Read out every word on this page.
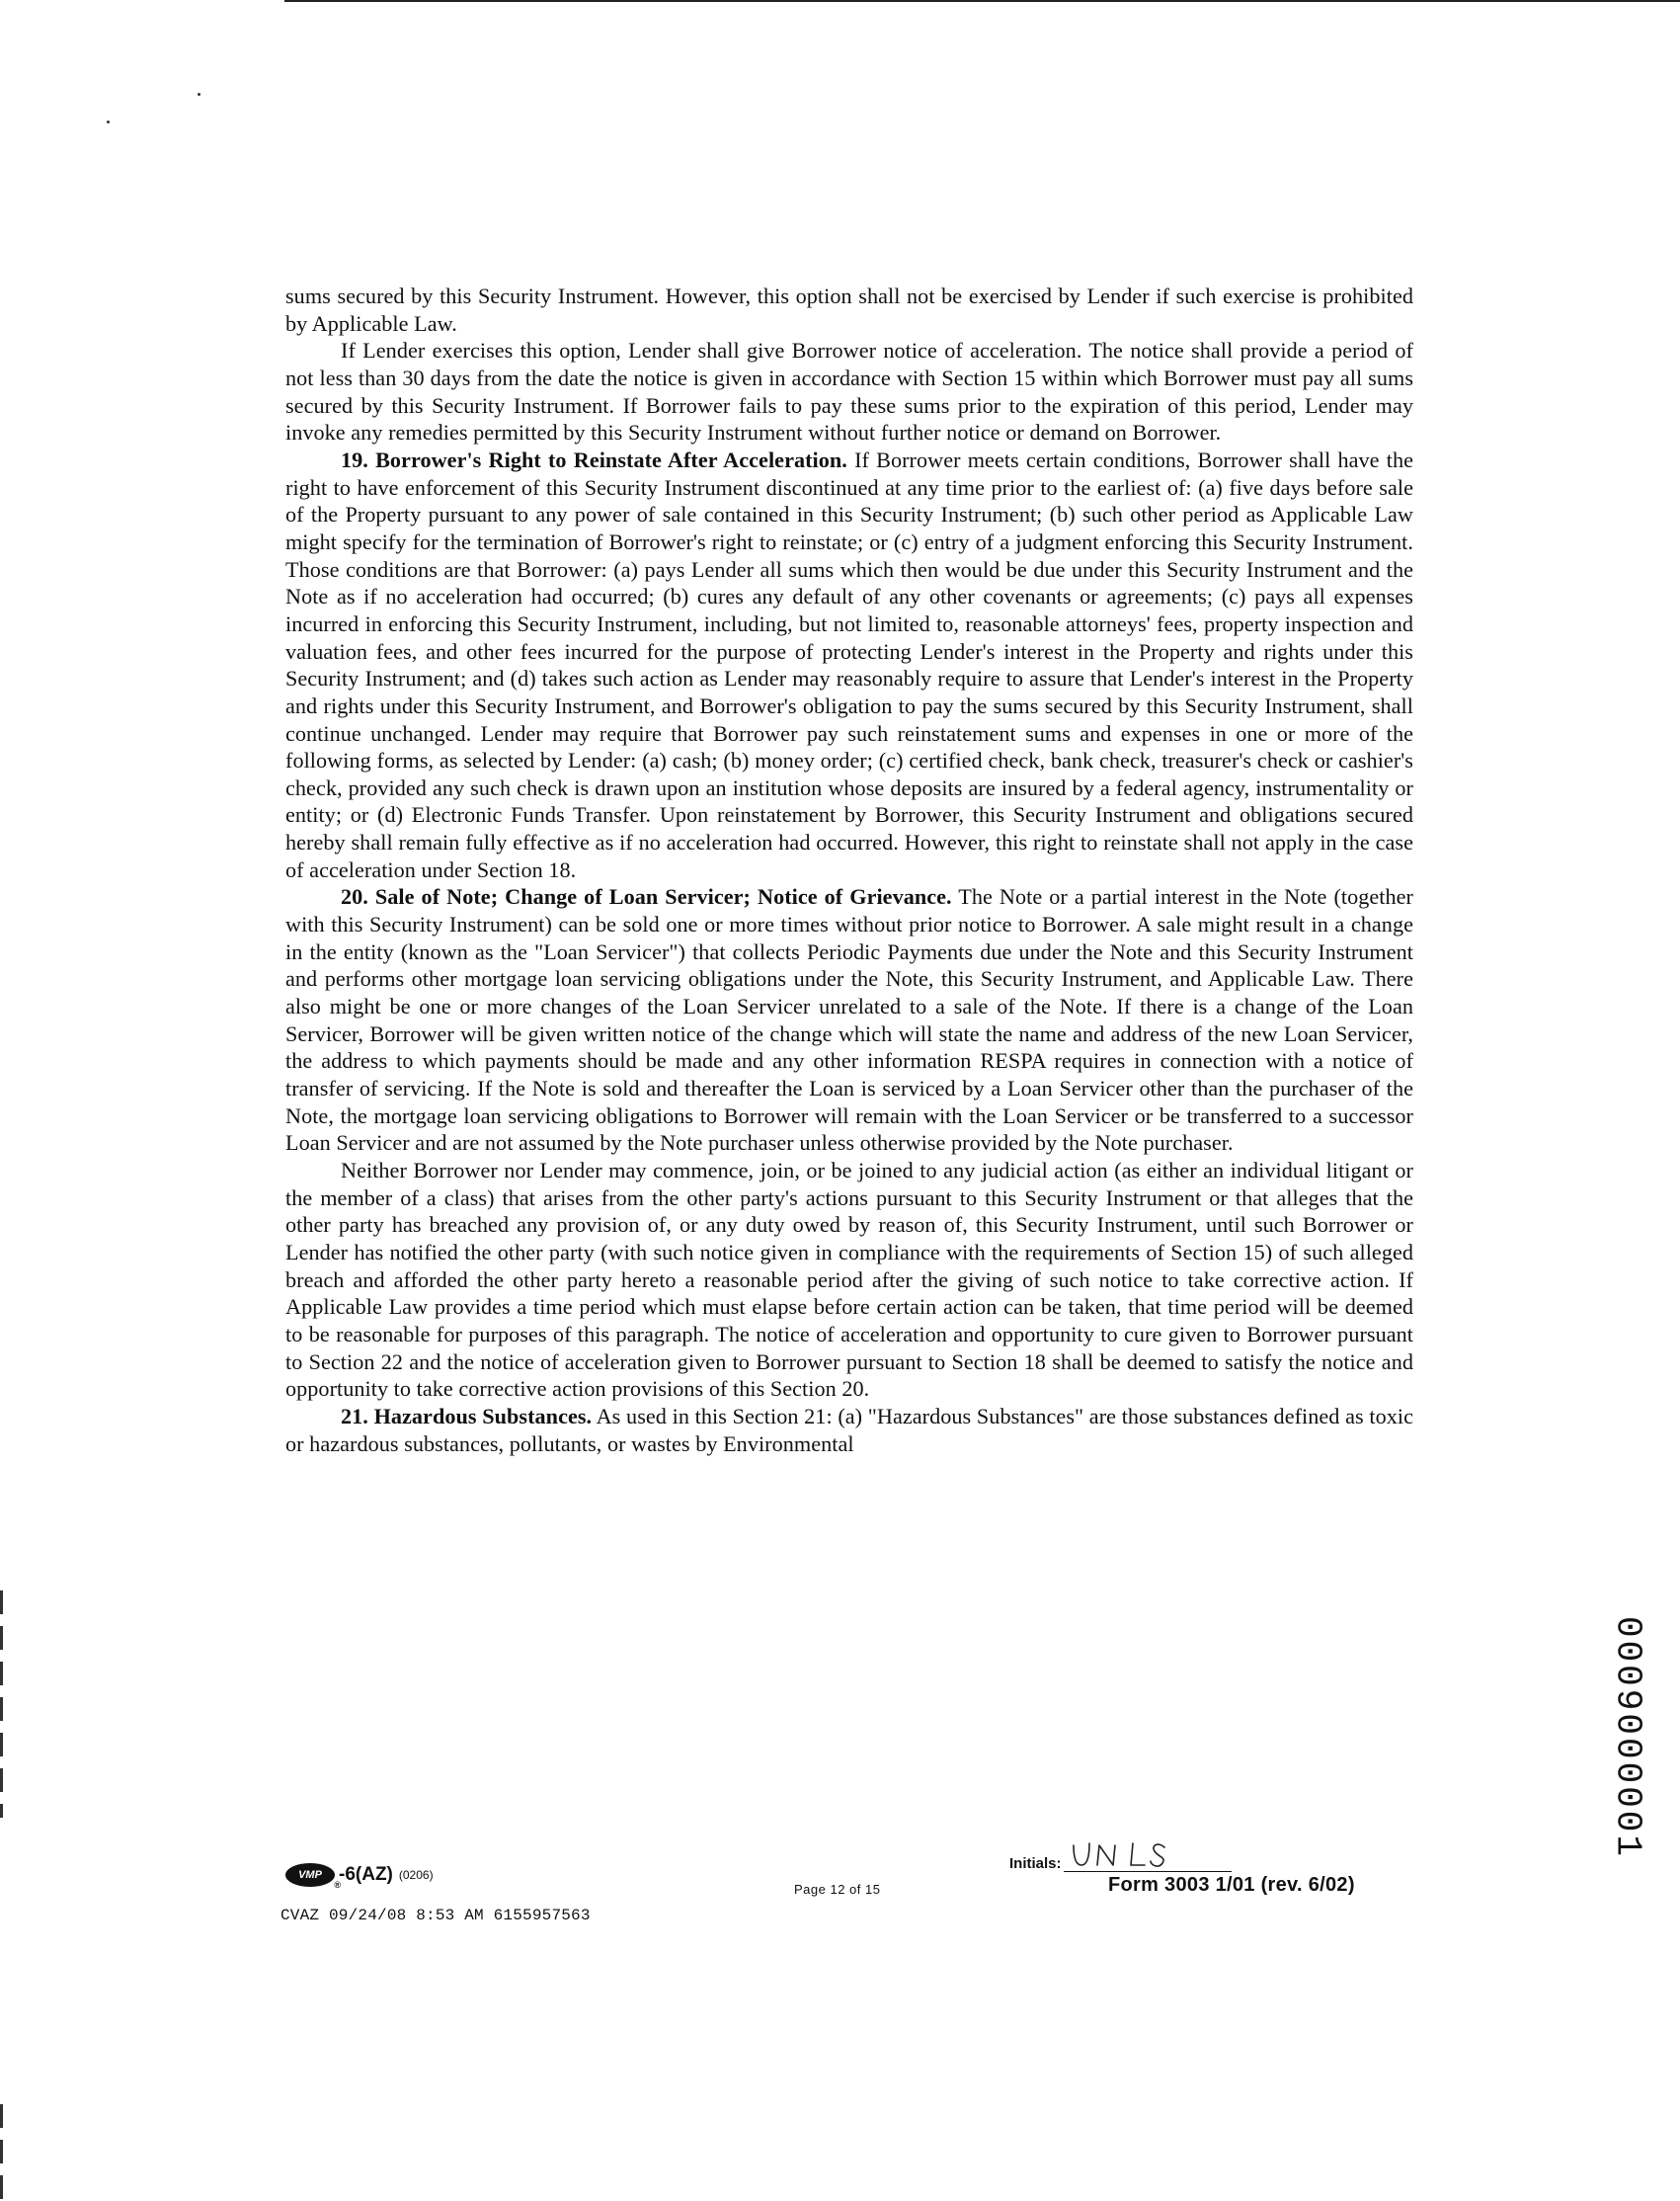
sums secured by this Security Instrument. However, this option shall not be exercised by Lender if such exercise is prohibited by Applicable Law.

If Lender exercises this option, Lender shall give Borrower notice of acceleration. The notice shall provide a period of not less than 30 days from the date the notice is given in accordance with Section 15 within which Borrower must pay all sums secured by this Security Instrument. If Borrower fails to pay these sums prior to the expiration of this period, Lender may invoke any remedies permitted by this Security Instrument without further notice or demand on Borrower.

19. Borrower's Right to Reinstate After Acceleration. If Borrower meets certain conditions, Borrower shall have the right to have enforcement of this Security Instrument discontinued at any time prior to the earliest of: (a) five days before sale of the Property pursuant to any power of sale contained in this Security Instrument; (b) such other period as Applicable Law might specify for the termination of Borrower's right to reinstate; or (c) entry of a judgment enforcing this Security Instrument. Those conditions are that Borrower: (a) pays Lender all sums which then would be due under this Security Instrument and the Note as if no acceleration had occurred; (b) cures any default of any other covenants or agreements; (c) pays all expenses incurred in enforcing this Security Instrument, including, but not limited to, reasonable attorneys' fees, property inspection and valuation fees, and other fees incurred for the purpose of protecting Lender's interest in the Property and rights under this Security Instrument; and (d) takes such action as Lender may reasonably require to assure that Lender's interest in the Property and rights under this Security Instrument, and Borrower's obligation to pay the sums secured by this Security Instrument, shall continue unchanged. Lender may require that Borrower pay such reinstatement sums and expenses in one or more of the following forms, as selected by Lender: (a) cash; (b) money order; (c) certified check, bank check, treasurer's check or cashier's check, provided any such check is drawn upon an institution whose deposits are insured by a federal agency, instrumentality or entity; or (d) Electronic Funds Transfer. Upon reinstatement by Borrower, this Security Instrument and obligations secured hereby shall remain fully effective as if no acceleration had occurred. However, this right to reinstate shall not apply in the case of acceleration under Section 18.

20. Sale of Note; Change of Loan Servicer; Notice of Grievance. The Note or a partial interest in the Note (together with this Security Instrument) can be sold one or more times without prior notice to Borrower. A sale might result in a change in the entity (known as the "Loan Servicer") that collects Periodic Payments due under the Note and this Security Instrument and performs other mortgage loan servicing obligations under the Note, this Security Instrument, and Applicable Law. There also might be one or more changes of the Loan Servicer unrelated to a sale of the Note. If there is a change of the Loan Servicer, Borrower will be given written notice of the change which will state the name and address of the new Loan Servicer, the address to which payments should be made and any other information RESPA requires in connection with a notice of transfer of servicing. If the Note is sold and thereafter the Loan is serviced by a Loan Servicer other than the purchaser of the Note, the mortgage loan servicing obligations to Borrower will remain with the Loan Servicer or be transferred to a successor Loan Servicer and are not assumed by the Note purchaser unless otherwise provided by the Note purchaser.

Neither Borrower nor Lender may commence, join, or be joined to any judicial action (as either an individual litigant or the member of a class) that arises from the other party's actions pursuant to this Security Instrument or that alleges that the other party has breached any provision of, or any duty owed by reason of, this Security Instrument, until such Borrower or Lender has notified the other party (with such notice given in compliance with the requirements of Section 15) of such alleged breach and afforded the other party hereto a reasonable period after the giving of such notice to take corrective action. If Applicable Law provides a time period which must elapse before certain action can be taken, that time period will be deemed to be reasonable for purposes of this paragraph. The notice of acceleration and opportunity to cure given to Borrower pursuant to Section 22 and the notice of acceleration given to Borrower pursuant to Section 18 shall be deemed to satisfy the notice and opportunity to take corrective action provisions of this Section 20.

21. Hazardous Substances. As used in this Section 21: (a) "Hazardous Substances" are those substances defined as toxic or hazardous substances, pollutants, or wastes by Environmental

VMP
®
-6(AZ) (0206)
CVAZ 09/24/08 8:53 AM 6155957563
Page 12 of 15
Initials:
Form 3003 1/01 (rev. 6/02)
0009000001
